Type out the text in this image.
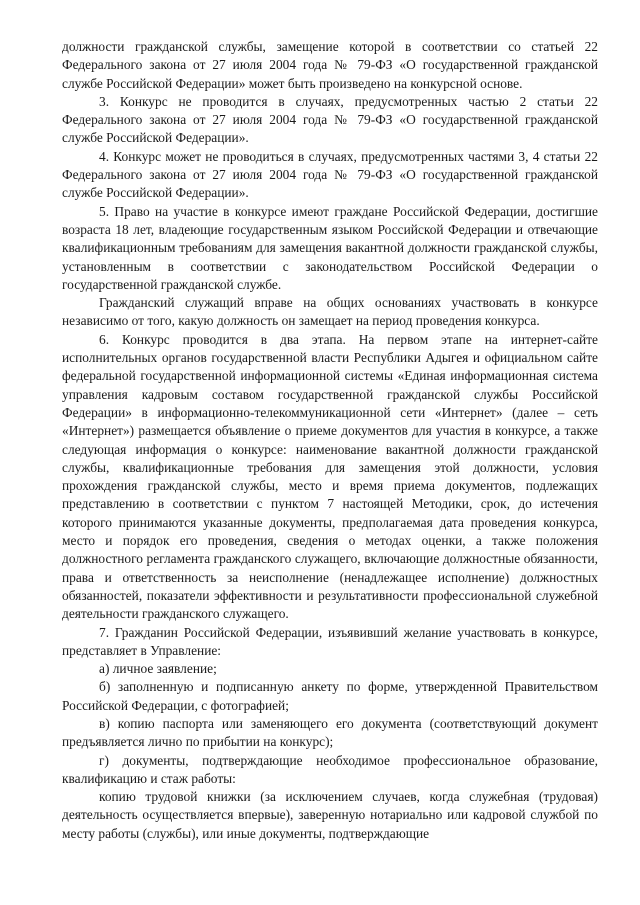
должности гражданской службы, замещение которой в соответствии со статьей 22 Федерального закона от 27 июля 2004 года № 79-ФЗ «О государственной гражданской службе Российской Федерации» может быть произведено на конкурсной основе.

3. Конкурс не проводится в случаях, предусмотренных частью 2 статьи 22 Федерального закона от 27 июля 2004 года № 79-ФЗ «О государственной гражданской службе Российской Федерации».

4. Конкурс может не проводиться в случаях, предусмотренных частями 3, 4 статьи 22 Федерального закона от 27 июля 2004 года № 79-ФЗ «О государственной гражданской службе Российской Федерации».

5. Право на участие в конкурсе имеют граждане Российской Федерации, достигшие возраста 18 лет, владеющие государственным языком Российской Федерации и отвечающие квалификационным требованиям для замещения вакантной должности гражданской службы, установленным в соответствии с законодательством Российской Федерации о государственной гражданской службе.

Гражданский служащий вправе на общих основаниях участвовать в конкурсе независимо от того, какую должность он замещает на период проведения конкурса.

6. Конкурс проводится в два этапа. На первом этапе на интернет-сайте исполнительных органов государственной власти Республики Адыгея и официальном сайте федеральной государственной информационной системы «Единая информационная система управления кадровым составом государственной гражданской службы Российской Федерации» в информационно-телекоммуникационной сети «Интернет» (далее – сеть «Интернет») размещается объявление о приеме документов для участия в конкурсе, а также следующая информация о конкурсе: наименование вакантной должности гражданской службы, квалификационные требования для замещения этой должности, условия прохождения гражданской службы, место и время приема документов, подлежащих представлению в соответствии с пунктом 7 настоящей Методики, срок, до истечения которого принимаются указанные документы, предполагаемая дата проведения конкурса, место и порядок его проведения, сведения о методах оценки, а также положения должностного регламента гражданского служащего, включающие должностные обязанности, права и ответственность за неисполнение (ненадлежащее исполнение) должностных обязанностей, показатели эффективности и результативности профессиональной служебной деятельности гражданского служащего.

7. Гражданин Российской Федерации, изъявивший желание участвовать в конкурсе, представляет в Управление:

а) личное заявление;

б) заполненную и подписанную анкету по форме, утвержденной Правительством Российской Федерации, с фотографией;

в) копию паспорта или заменяющего его документа (соответствующий документ предъявляется лично по прибытии на конкурс);

г) документы, подтверждающие необходимое профессиональное образование, квалификацию и стаж работы:

копию трудовой книжки (за исключением случаев, когда служебная (трудовая) деятельность осуществляется впервые), заверенную нотариально или кадровой службой по месту работы (службы), или иные документы, подтверждающие
